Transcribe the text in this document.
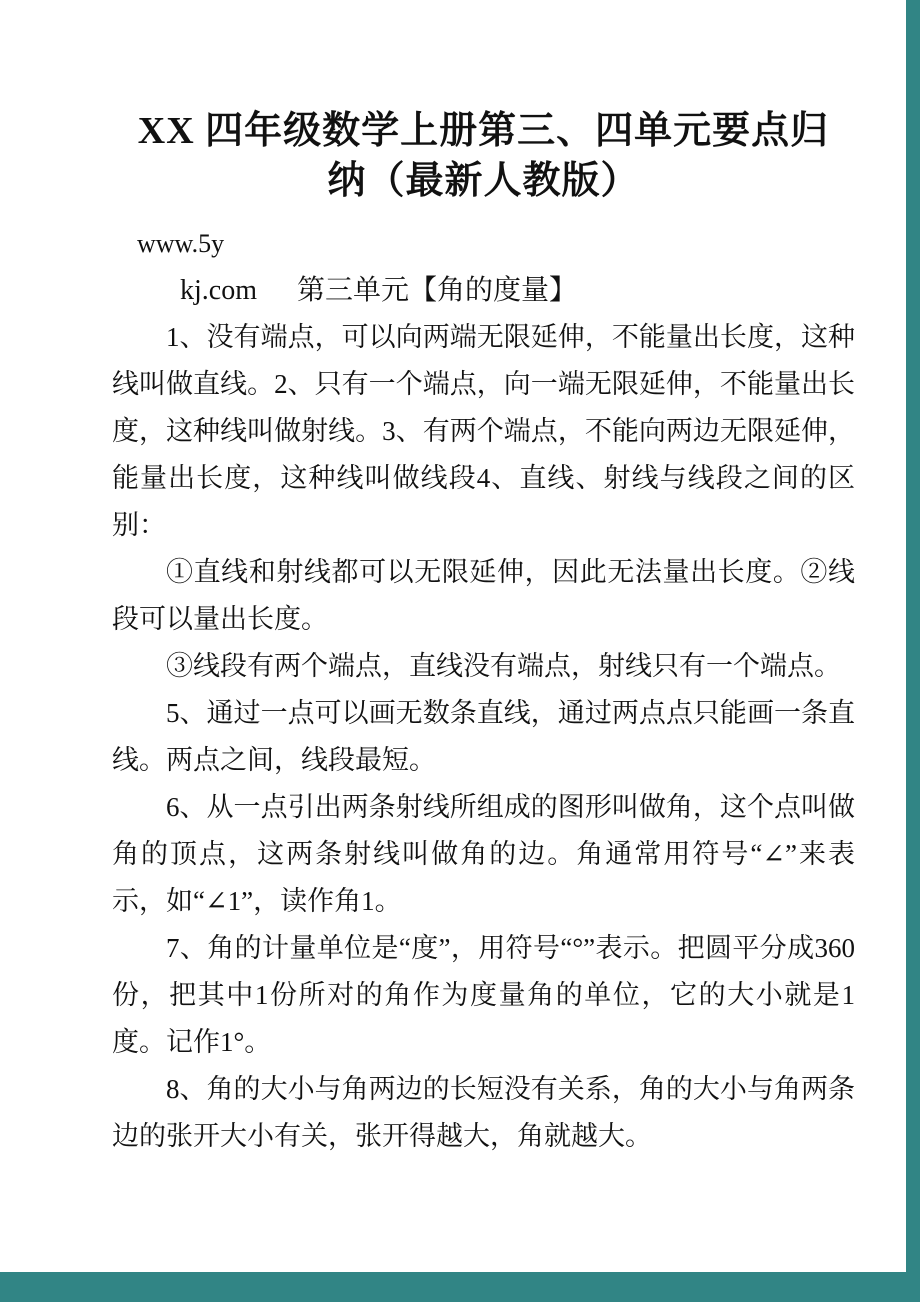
XX 四年级数学上册第三、四单元要点归
纳（最新人教版）

www.5y

kj.com 第三单元【角的度量】

1、没有端点，可以向两端无限延伸，不能量出长度，这种线叫做直线。2、只有一个端点，向一端无限延伸，不能量出长度，这种线叫做射线。3、有两个端点，不能向两边无限延伸，能量出长度，这种线叫做线段4、直线、射线与线段之间的区别：

①直线和射线都可以无限延伸，因此无法量出长度。②线段可以量出长度。

③线段有两个端点，直线没有端点，射线只有一个端点。

5、通过一点可以画无数条直线，通过两点点只能画一条直线。两点之间，线段最短。

6、从一点引出两条射线所组成的图形叫做角，这个点叫做角的顶点，这两条射线叫做角的边。角通常用符号“∠”来表示，如“∠1”，读作角1。

7、角的计量单位是“度”，用符号“°”表示。把圆平分成360份，把其中1份所对的角作为度量角的单位，它的大小就是1度。记作1°。

8、角的大小与角两边的长短没有关系，角的大小与角两条边的张开大小有关，张开得越大，角就越大。
